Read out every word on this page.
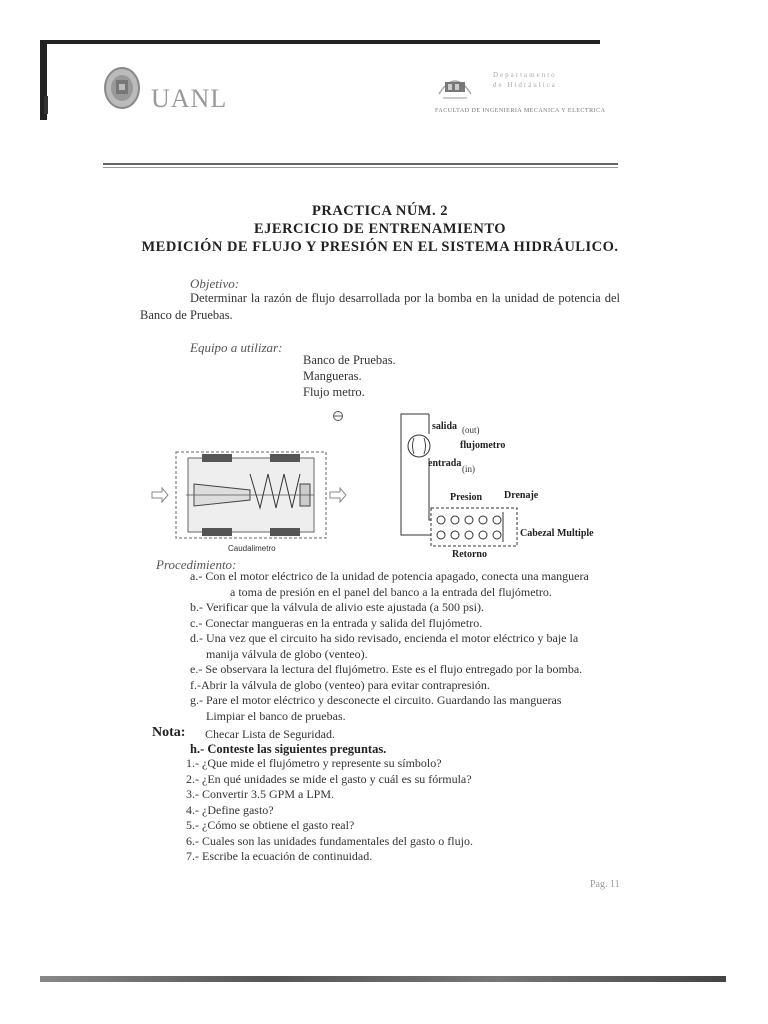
UANL
Departamento
de Hidráulica
FACULTAD DE INGENIERIA MECANICA Y ELECTRICA
PRACTICA NÚM. 2
EJERCICIO DE ENTRENAMIENTO
MEDICIÓN DE FLUJO Y PRESIÓN EN EL SISTEMA HIDRÁULICO.
Objetivo:
Determinar la razón de flujo desarrollada por la bomba en la unidad de potencia del Banco de Pruebas.
Equipo a utilizar:
Banco de Pruebas.
Mangueras.
Flujo metro.
Caudalimetro
salida (out)
flujometro
entrada (in)
Presion Drenaje
Cabezal Multiple
Retorno
Procedimiento:
a.- Con el motor eléctrico de la unidad de potencia apagado, conecta una manguera
a toma de presión en el panel del banco a la entrada del flujómetro.
b.- Verificar que la válvula de alivio este ajustada (a 500 psi).
c.- Conectar mangueras en la entrada y salida del flujómetro.
d.- Una vez que el circuito ha sido revisado, encienda el motor eléctrico y baje la
manija válvula de globo (venteo).
e.- Se observara la lectura del flujómetro. Este es el flujo entregado por la bomba.
f.-Abrir la válvula de globo (venteo) para evitar contrapresión.
g.- Pare el motor eléctrico y desconecte el circuito. Guardando las mangueras
Limpiar el banco de pruebas.
Nota: Checar Lista de Seguridad.
h.- Conteste las siguientes preguntas.
1.- ¿Que mide el flujómetro y represente su símbolo?
2.- ¿En qué unidades se mide el gasto y cuál es su fórmula?
3.- Convertir 3.5 GPM a LPM.
4.- ¿Define gasto?
5.- ¿Cómo se obtiene el gasto real?
6.- Cuales son las unidades fundamentales del gasto o flujo.
7.- Escribe la ecuación de continuidad.
Pag. 11
